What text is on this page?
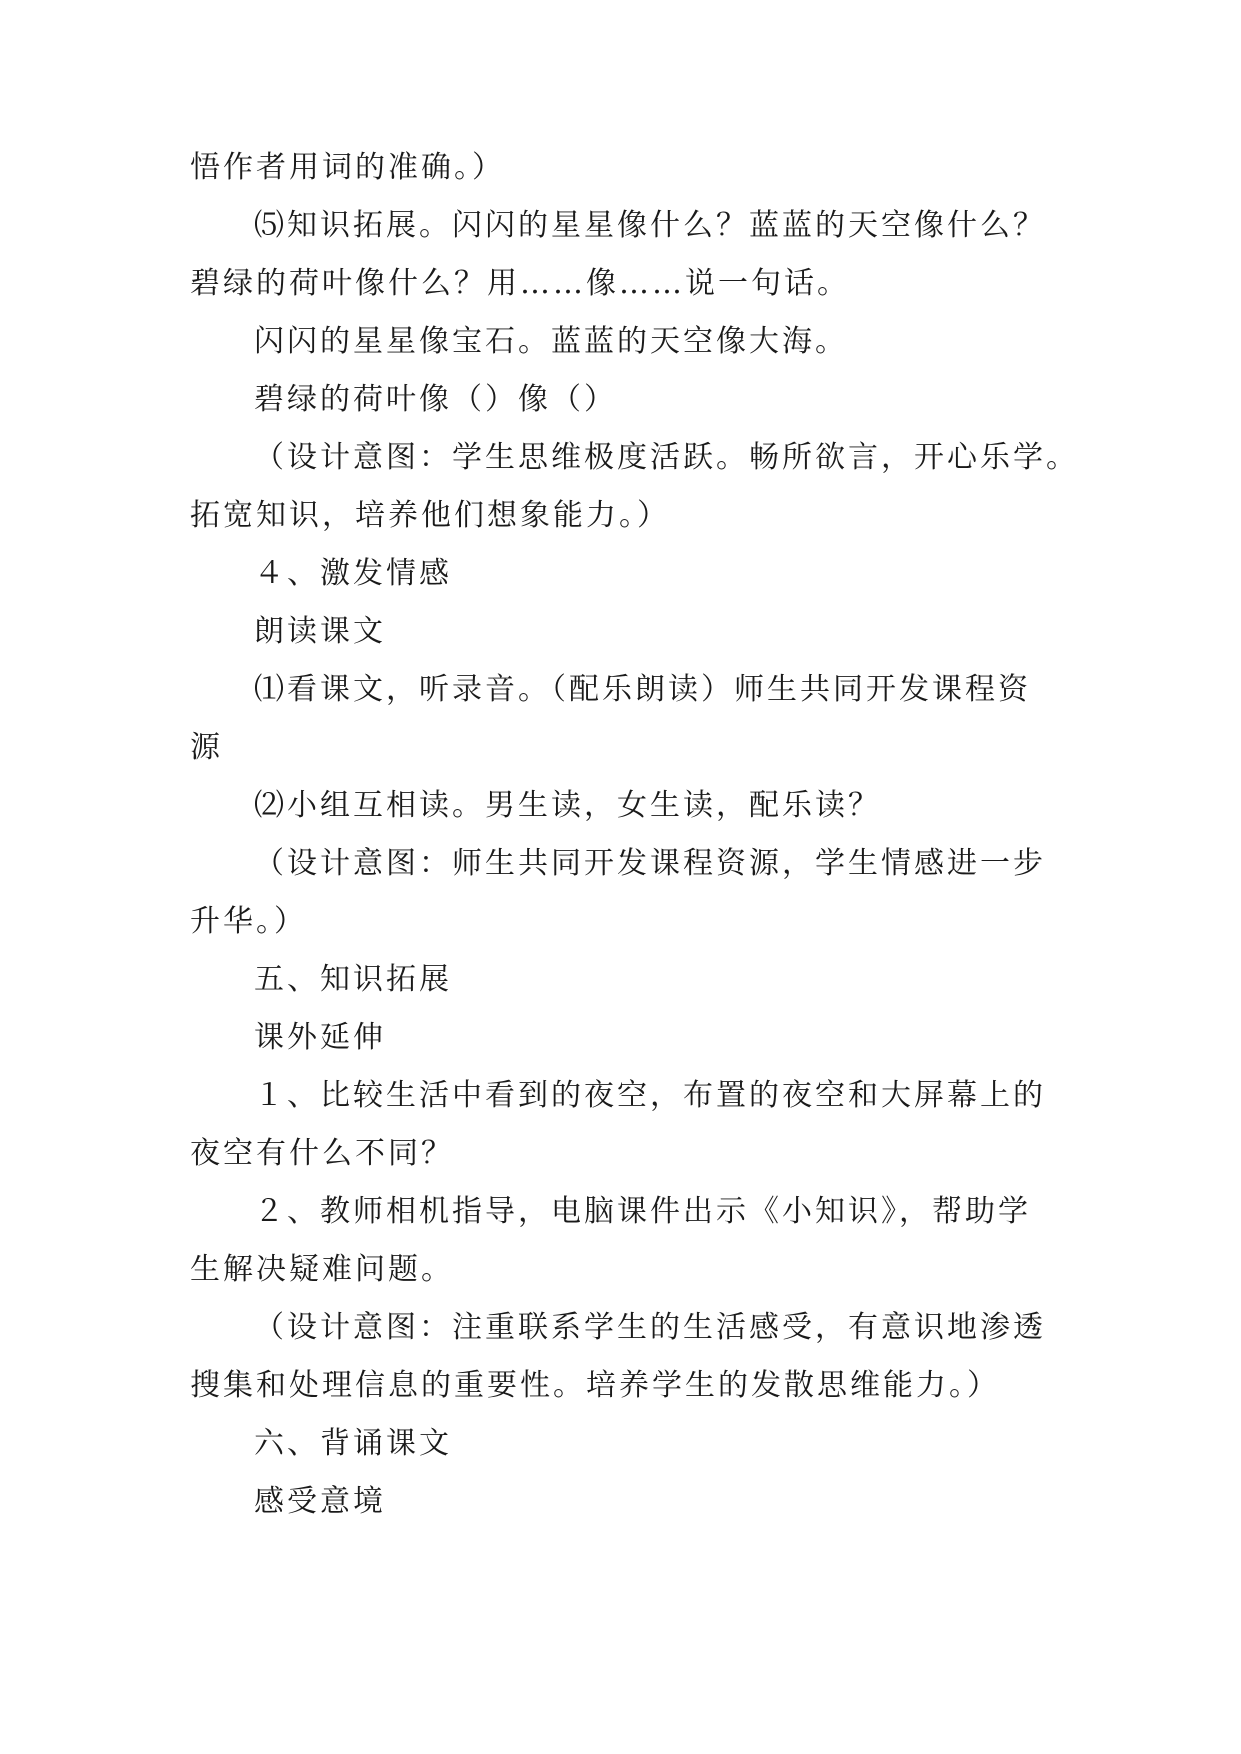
悟作者用词的准确。）
⑸知识拓展。闪闪的星星像什么？蓝蓝的天空像什么？
碧绿的荷叶像什么？用……像……说一句话。
闪闪的星星像宝石。蓝蓝的天空像大海。
碧绿的荷叶像（）像（）
（设计意图：学生思维极度活跃。畅所欲言，开心乐学。
拓宽知识，培养他们想象能力。）
４、激发情感
朗读课文
⑴看课文，听录音。（配乐朗读）师生共同开发课程资
源
⑵小组互相读。男生读，女生读，配乐读？
（设计意图：师生共同开发课程资源，学生情感进一步
升华。）
五、知识拓展
课外延伸
１、比较生活中看到的夜空，布置的夜空和大屏幕上的
夜空有什么不同？
２、教师相机指导，电脑课件出示《小知识》，帮助学
生解决疑难问题。
（设计意图：注重联系学生的生活感受，有意识地渗透
搜集和处理信息的重要性。培养学生的发散思维能力。）
六、背诵课文
感受意境
